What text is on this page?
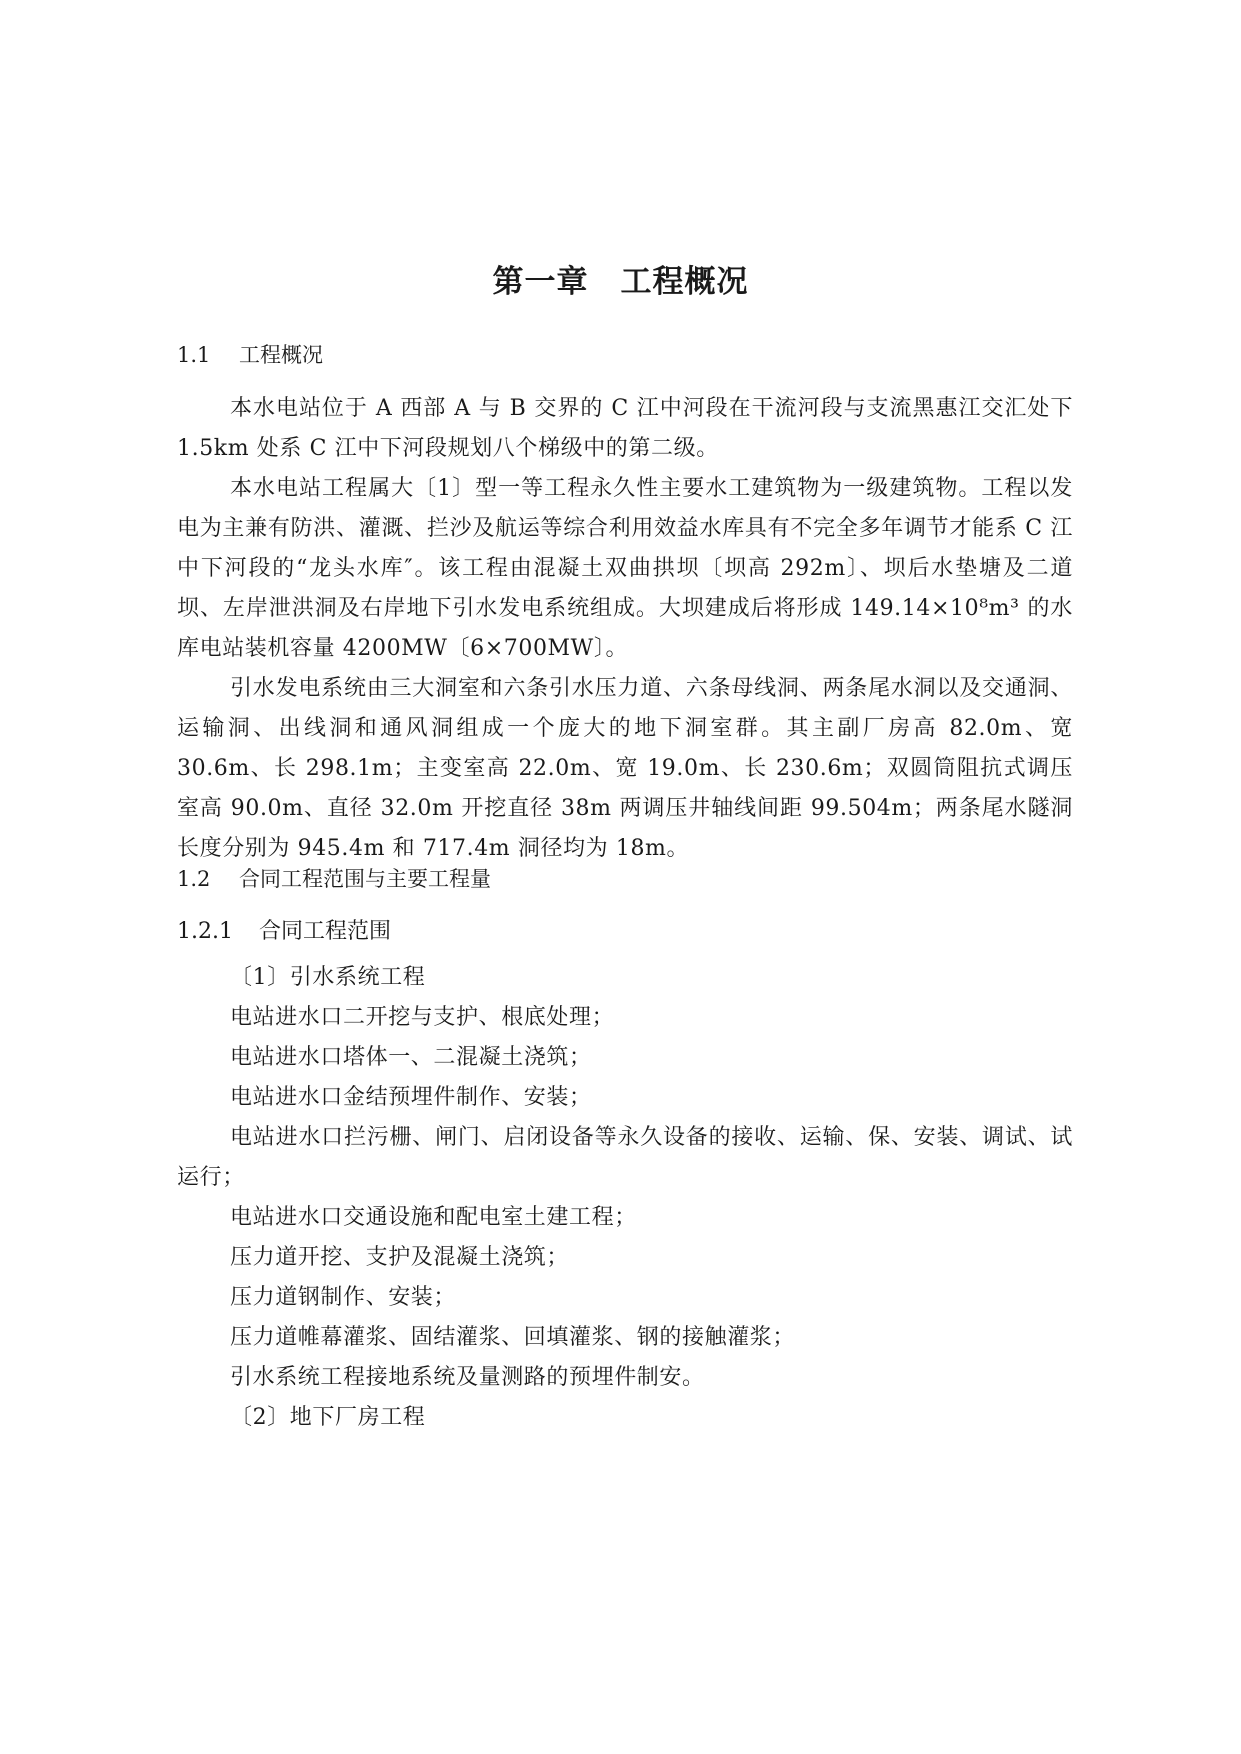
第一章　工程概况
1.1 工程概况
本水电站位于 A 西部 A 与 B 交界的 C 江中河段在干流河段与支流黑惠江交汇处下 1.5km 处系 C 江中下河段规划八个梯级中的第二级。
本水电站工程属大〔1〕型一等工程永久性主要水工建筑物为一级建筑物。工程以发电为主兼有防洪、灌溉、拦沙及航运等综合利用效益水库具有不完全多年调节才能系 C 江中下河段的“龙头水库″。该工程由混凝土双曲拱坝〔坝高 292m〕、坝后水垫塘及二道坝、左岸泄洪洞及右岸地下引水发电系统组成。大坝建成后将形成 149.14×10⁸m³ 的水库电站装机容量 4200MW〔6×700MW〕。
引水发电系统由三大洞室和六条引水压力道、六条母线洞、两条尾水洞以及交通洞、运输洞、出线洞和通风洞组成一个庞大的地下洞室群。其主副厂房高 82.0m、宽 30.6m、长 298.1m；主变室高 22.0m、宽 19.0m、长 230.6m；双圆筒阻抗式调压室高 90.0m、直径 32.0m 开挖直径 38m 两调压井轴线间距 99.504m；两条尾水隧洞长度分别为 945.4m 和 717.4m 洞径均为 18m。
1.2 合同工程范围与主要工程量
1.2.1 合同工程范围
〔1〕引水系统工程
电站进水口二开挖与支护、根底处理；
电站进水口塔体一、二混凝土浇筑；
电站进水口金结预埋件制作、安装；
电站进水口拦污栅、闸门、启闭设备等永久设备的接收、运输、保、安装、调试、试运行；
电站进水口交通设施和配电室土建工程；
压力道开挖、支护及混凝土浇筑；
压力道钢制作、安装；
压力道帷幕灌浆、固结灌浆、回填灌浆、钢的接触灌浆；
引水系统工程接地系统及量测路的预埋件制安。
〔2〕地下厂房工程
